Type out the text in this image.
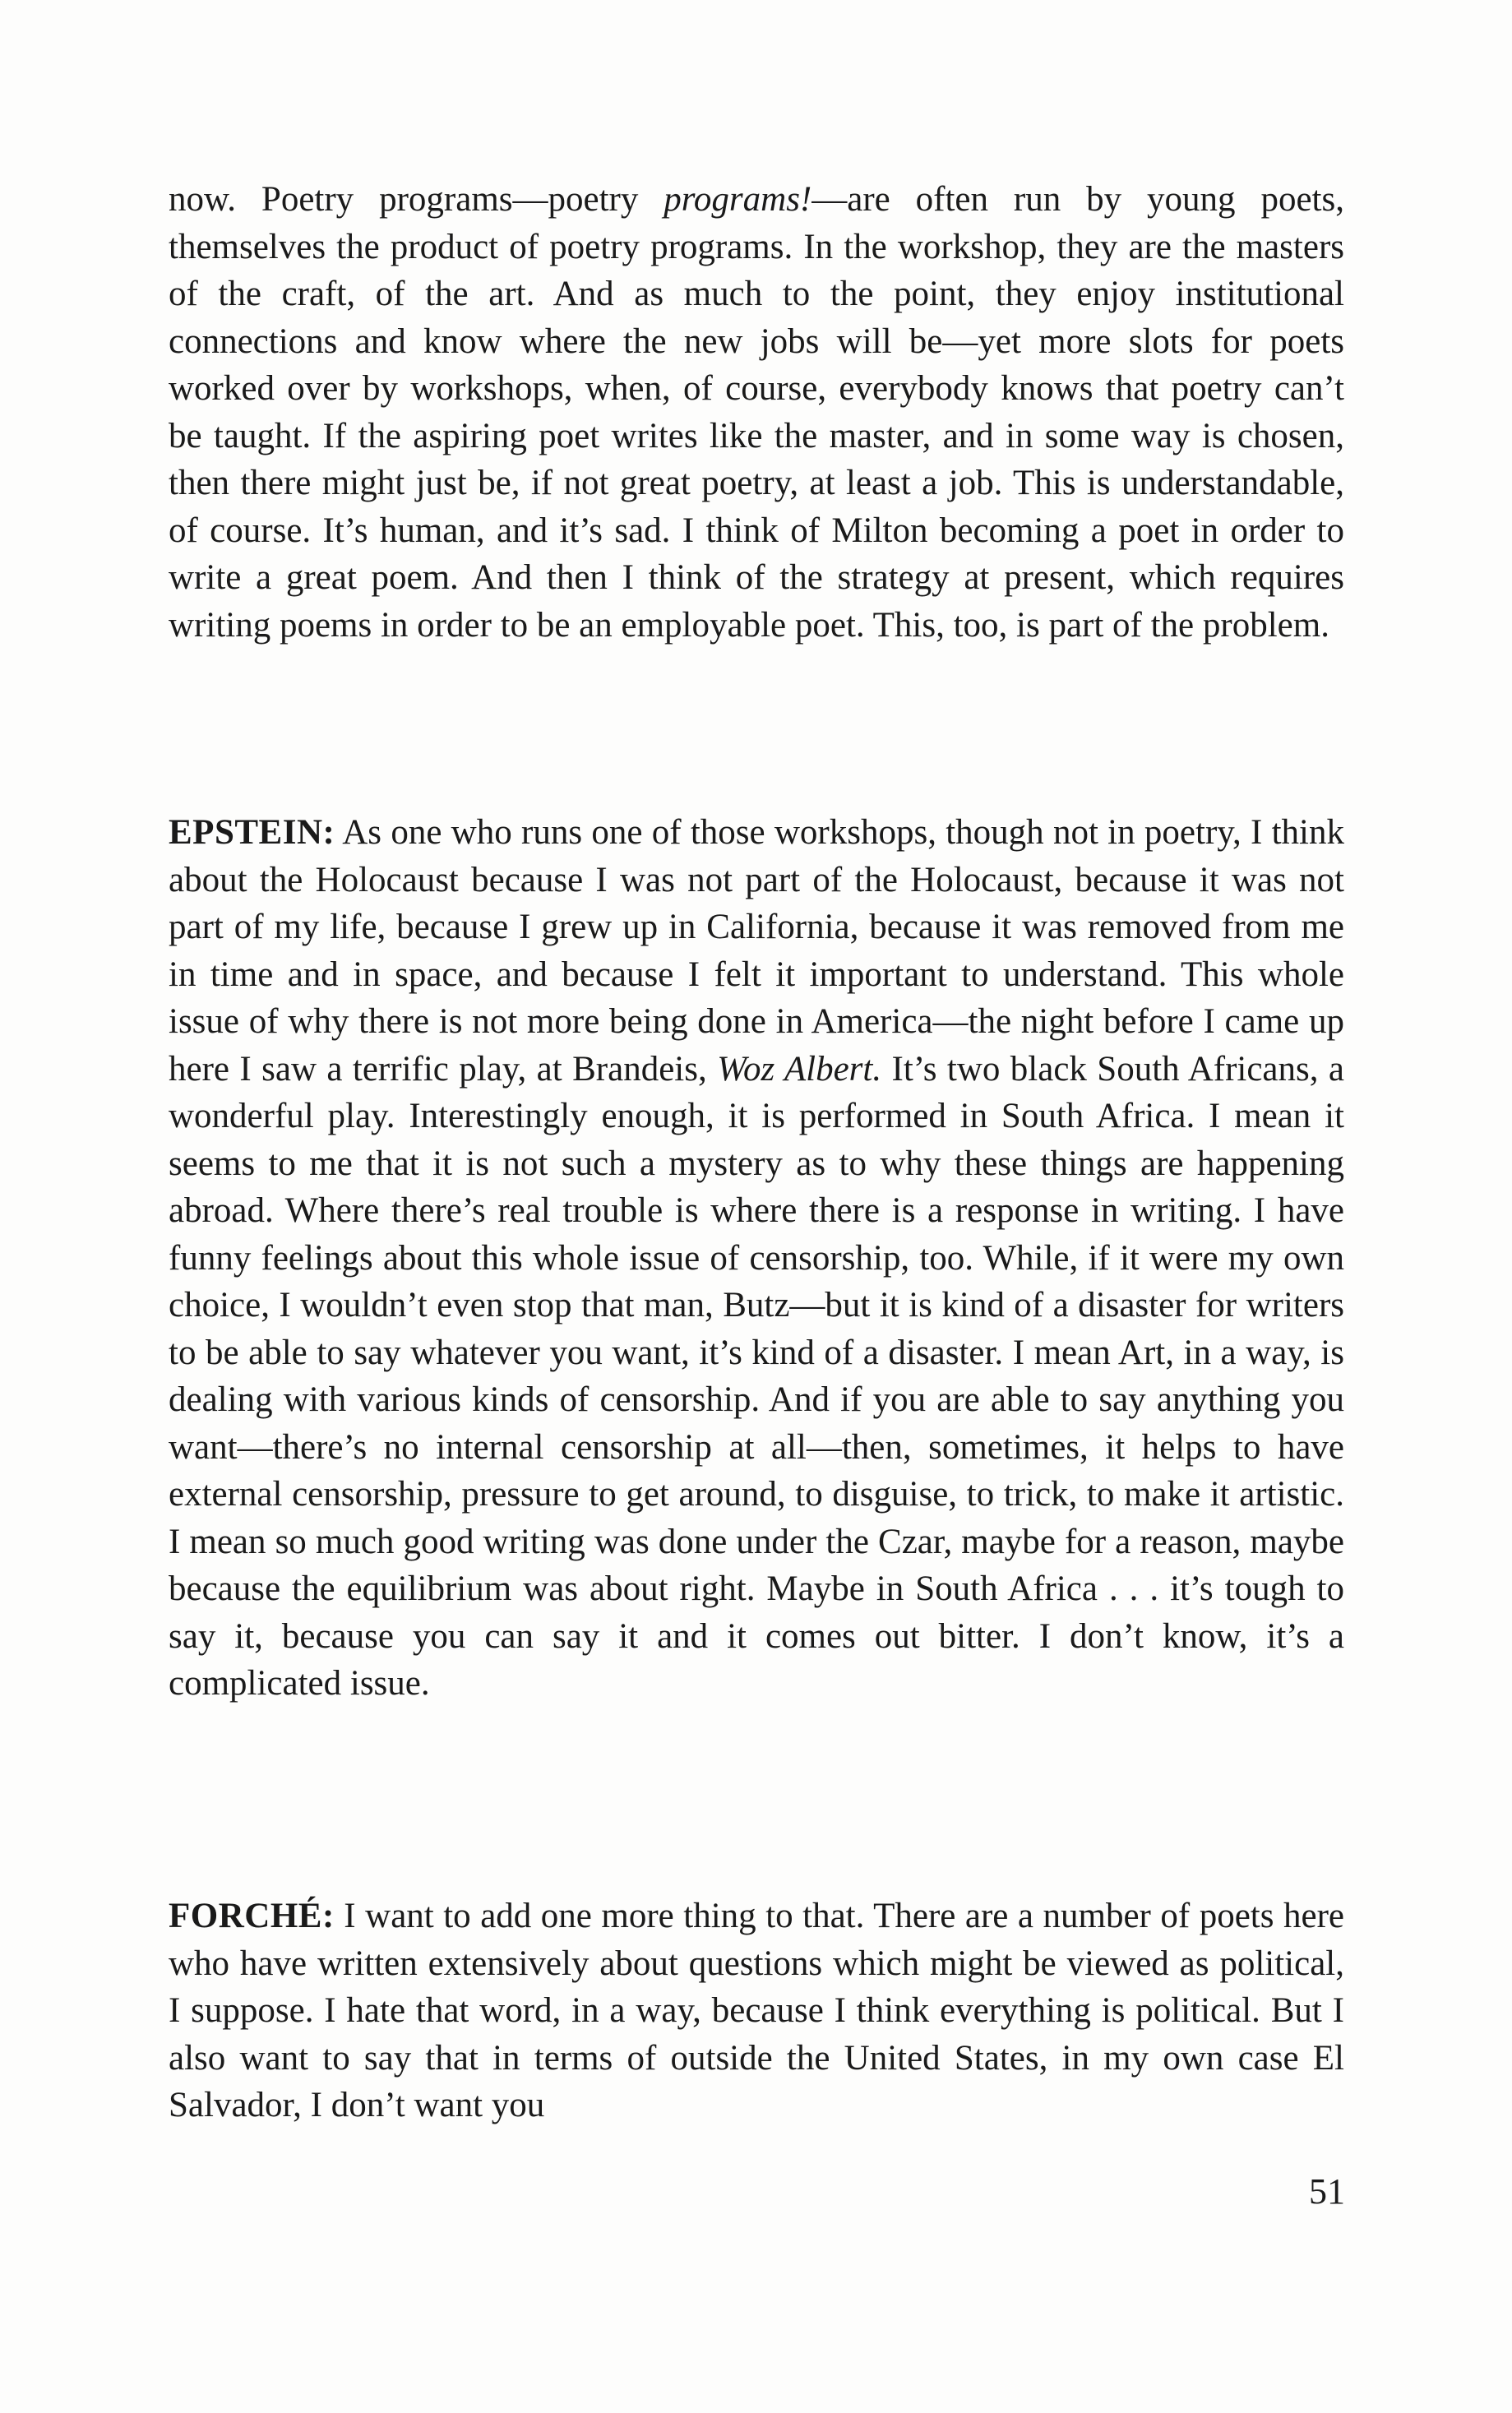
now. Poetry programs—poetry programs!—are often run by young poets, themselves the product of poetry programs. In the workshop, they are the masters of the craft, of the art. And as much to the point, they enjoy institutional connections and know where the new jobs will be—yet more slots for poets worked over by workshops, when, of course, everybody knows that poetry can’t be taught. If the aspiring poet writes like the master, and in some way is chosen, then there might just be, if not great poetry, at least a job. This is understandable, of course. It’s human, and it’s sad. I think of Milton becoming a poet in order to write a great poem. And then I think of the strategy at present, which requires writing poems in order to be an employable poet. This, too, is part of the problem.

EPSTEIN: As one who runs one of those workshops, though not in poetry, I think about the Holocaust because I was not part of the Holocaust, because it was not part of my life, because I grew up in California, because it was removed from me in time and in space, and because I felt it important to understand. This whole issue of why there is not more being done in America—the night before I came up here I saw a terrific play, at Brandeis, Woz Albert. It’s two black South Africans, a wonderful play. Interestingly enough, it is performed in South Africa. I mean it seems to me that it is not such a mystery as to why these things are happening abroad. Where there’s real trouble is where there is a response in writing. I have funny feelings about this whole issue of censorship, too. While, if it were my own choice, I wouldn’t even stop that man, Butz—but it is kind of a disaster for writers to be able to say whatever you want, it’s kind of a disaster. I mean Art, in a way, is dealing with various kinds of censorship. And if you are able to say anything you want—there’s no internal censorship at all—then, sometimes, it helps to have external censorship, pressure to get around, to disguise, to trick, to make it artistic. I mean so much good writing was done under the Czar, maybe for a reason, maybe because the equilibrium was about right. Maybe in South Africa . . . it’s tough to say it, because you can say it and it comes out bitter. I don’t know, it’s a complicated issue.

FORCHÉ: I want to add one more thing to that. There are a number of poets here who have written extensively about questions which might be viewed as political, I suppose. I hate that word, in a way, because I think everything is political. But I also want to say that in terms of outside the United States, in my own case El Salvador, I don’t want you

51
